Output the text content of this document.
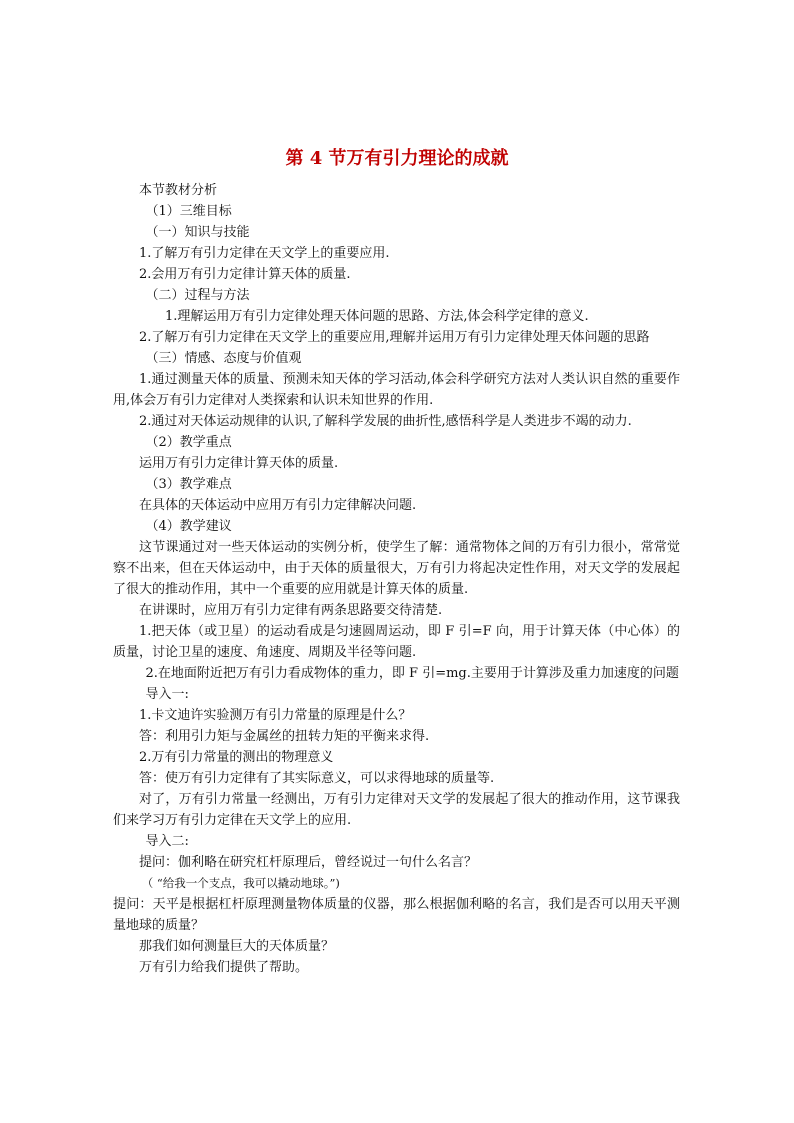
第 4 节万有引力理论的成就

本节教材分析

（1）三维目标

（一）知识与技能

1.了解万有引力定律在天文学上的重要应用.

2.会用万有引力定律计算天体的质量.

（二）过程与方法

1.理解运用万有引力定律处理天体问题的思路、方法,体会科学定律的意义.

2.了解万有引力定律在天文学上的重要应用,理解并运用万有引力定律处理天体问题的思路

（三）情感、态度与价值观

1.通过测量天体的质量、预测未知天体的学习活动,体会科学研究方法对人类认识自然的重要作用,体会万有引力定律对人类探索和认识未知世界的作用.

2.通过对天体运动规律的认识,了解科学发展的曲折性,感悟科学是人类进步不竭的动力.

（2）教学重点

运用万有引力定律计算天体的质量.

（3）教学难点

在具体的天体运动中应用万有引力定律解决问题.

（4）教学建议

这节课通过对一些天体运动的实例分析，使学生了解：通常物体之间的万有引力很小，常常觉察不出来，但在天体运动中，由于天体的质量很大，万有引力将起决定性作用，对天文学的发展起了很大的推动作用，其中一个重要的应用就是计算天体的质量.

在讲课时，应用万有引力定律有两条思路要交待清楚.

1.把天体（或卫星）的运动看成是匀速圆周运动，即 F 引=F 向，用于计算天体（中心体）的质量，讨论卫星的速度、角速度、周期及半径等问题.

2.在地面附近把万有引力看成物体的重力，即 F 引=mg.主要用于计算涉及重力加速度的问题

导入一:

1.卡文迪许实验测万有引力常量的原理是什么？

答：利用引力矩与金属丝的扭转力矩的平衡来求得.

2.万有引力常量的测出的物理意义

答：使万有引力定律有了其实际意义，可以求得地球的质量等.

对了，万有引力常量一经测出，万有引力定律对天文学的发展起了很大的推动作用，这节课我们来学习万有引力定律在天文学上的应用.

导入二:

提问：伽利略在研究杠杆原理后，曾经说过一句什么名言？

（ “给我一个支点，我可以撬动地球。”)

提问：天平是根据杠杆原理测量物体质量的仪器，那么根据伽利略的名言，我们是否可以用天平测量地球的质量？

那我们如何测量巨大的天体质量？

万有引力给我们提供了帮助。
